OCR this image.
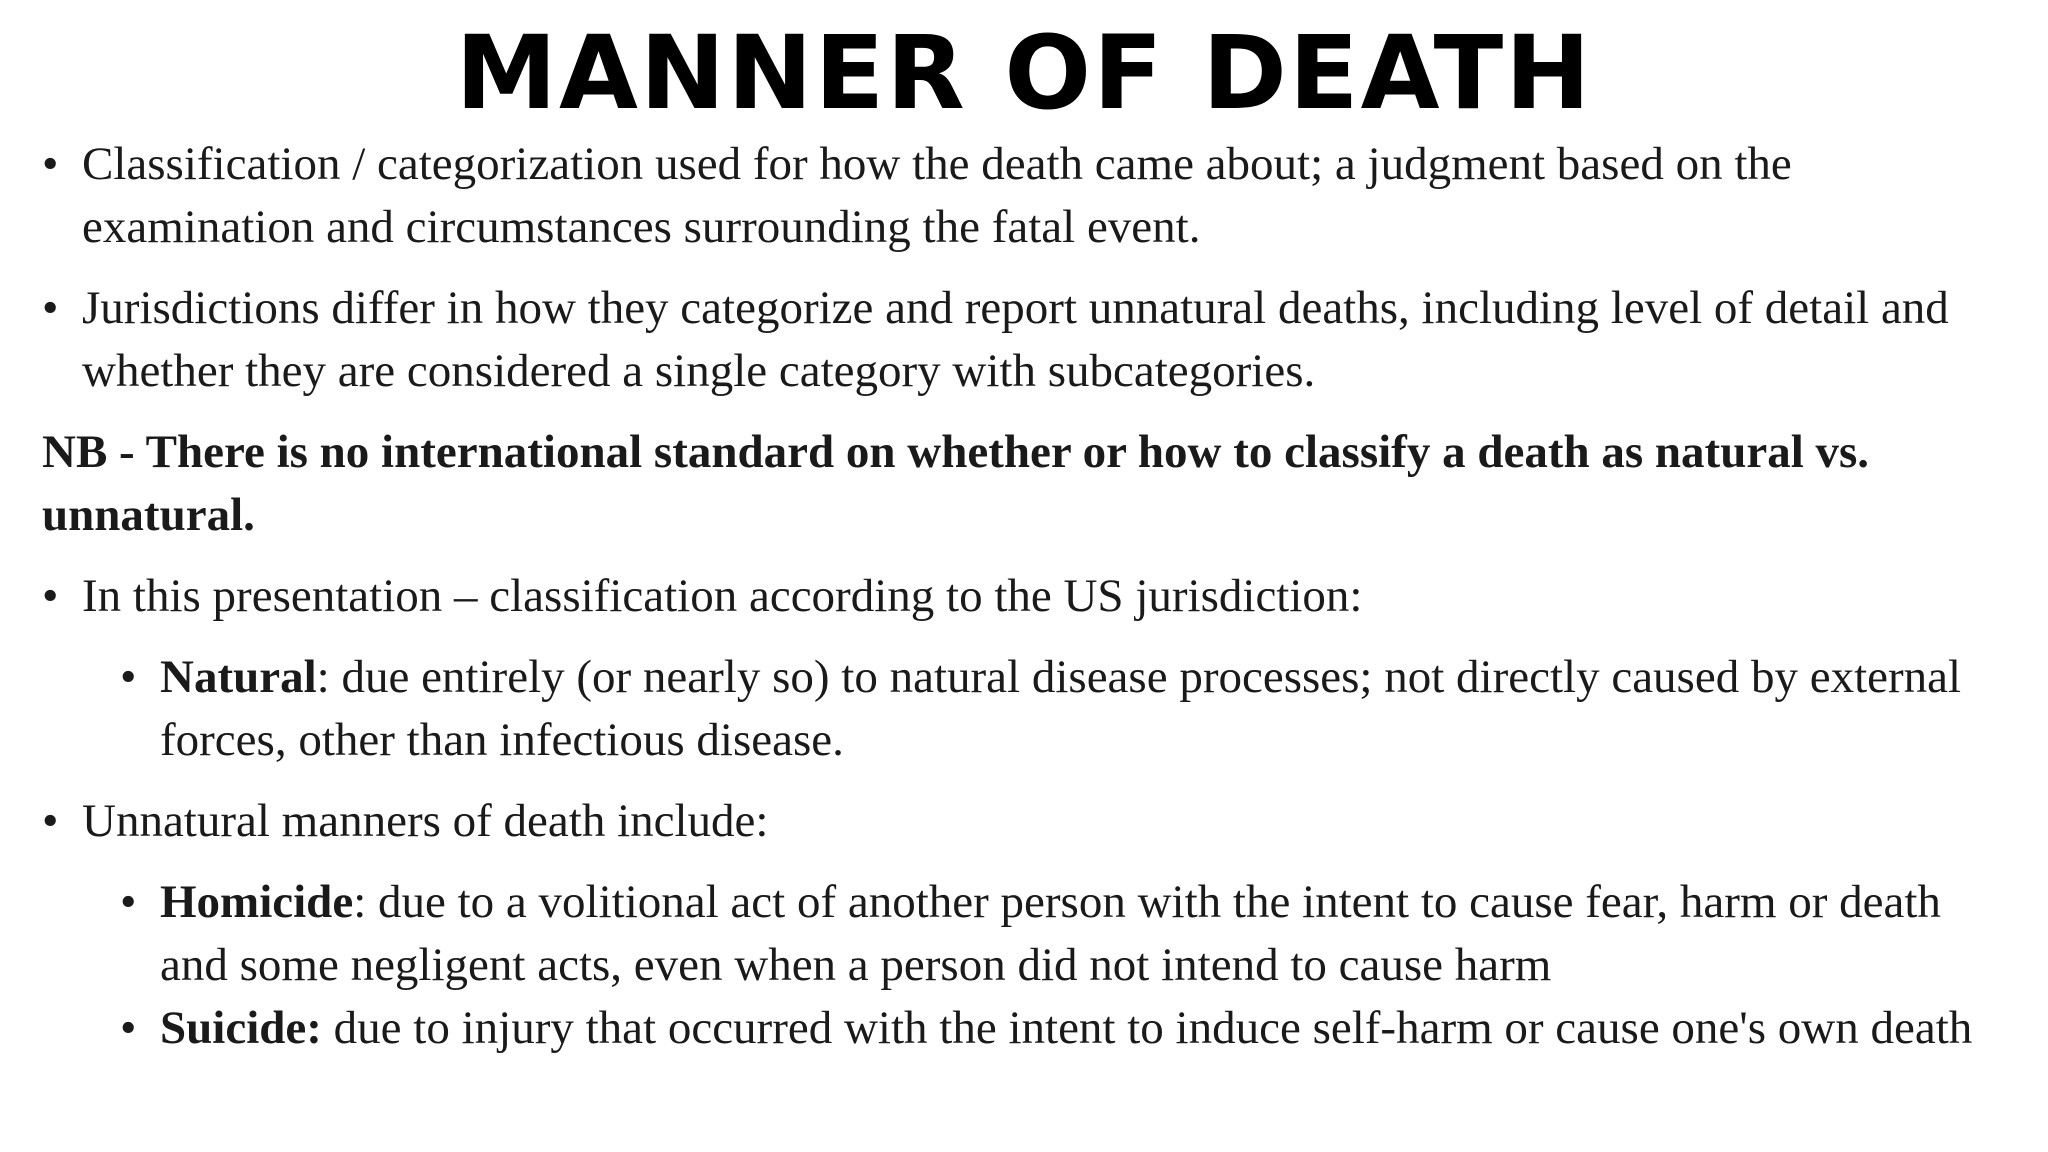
MANNER OF DEATH
• Classification / categorization used for how the death came about; a judgment based on the examination and circumstances surrounding the fatal event.
• Jurisdictions differ in how they categorize and report unnatural deaths, including level of detail and whether they are considered a single category with subcategories.
NB - There is no international standard on whether or how to classify a death as natural vs. unnatural.
• In this presentation – classification according to the US jurisdiction:
• Natural: due entirely (or nearly so) to natural disease processes; not directly caused by external forces, other than infectious disease.
• Unnatural manners of death include:
• Homicide: due to a volitional act of another person with the intent to cause fear, harm or death and some negligent acts, even when a person did not intend to cause harm
• Suicide: due to injury that occurred with the intent to induce self-harm or cause one's own death
